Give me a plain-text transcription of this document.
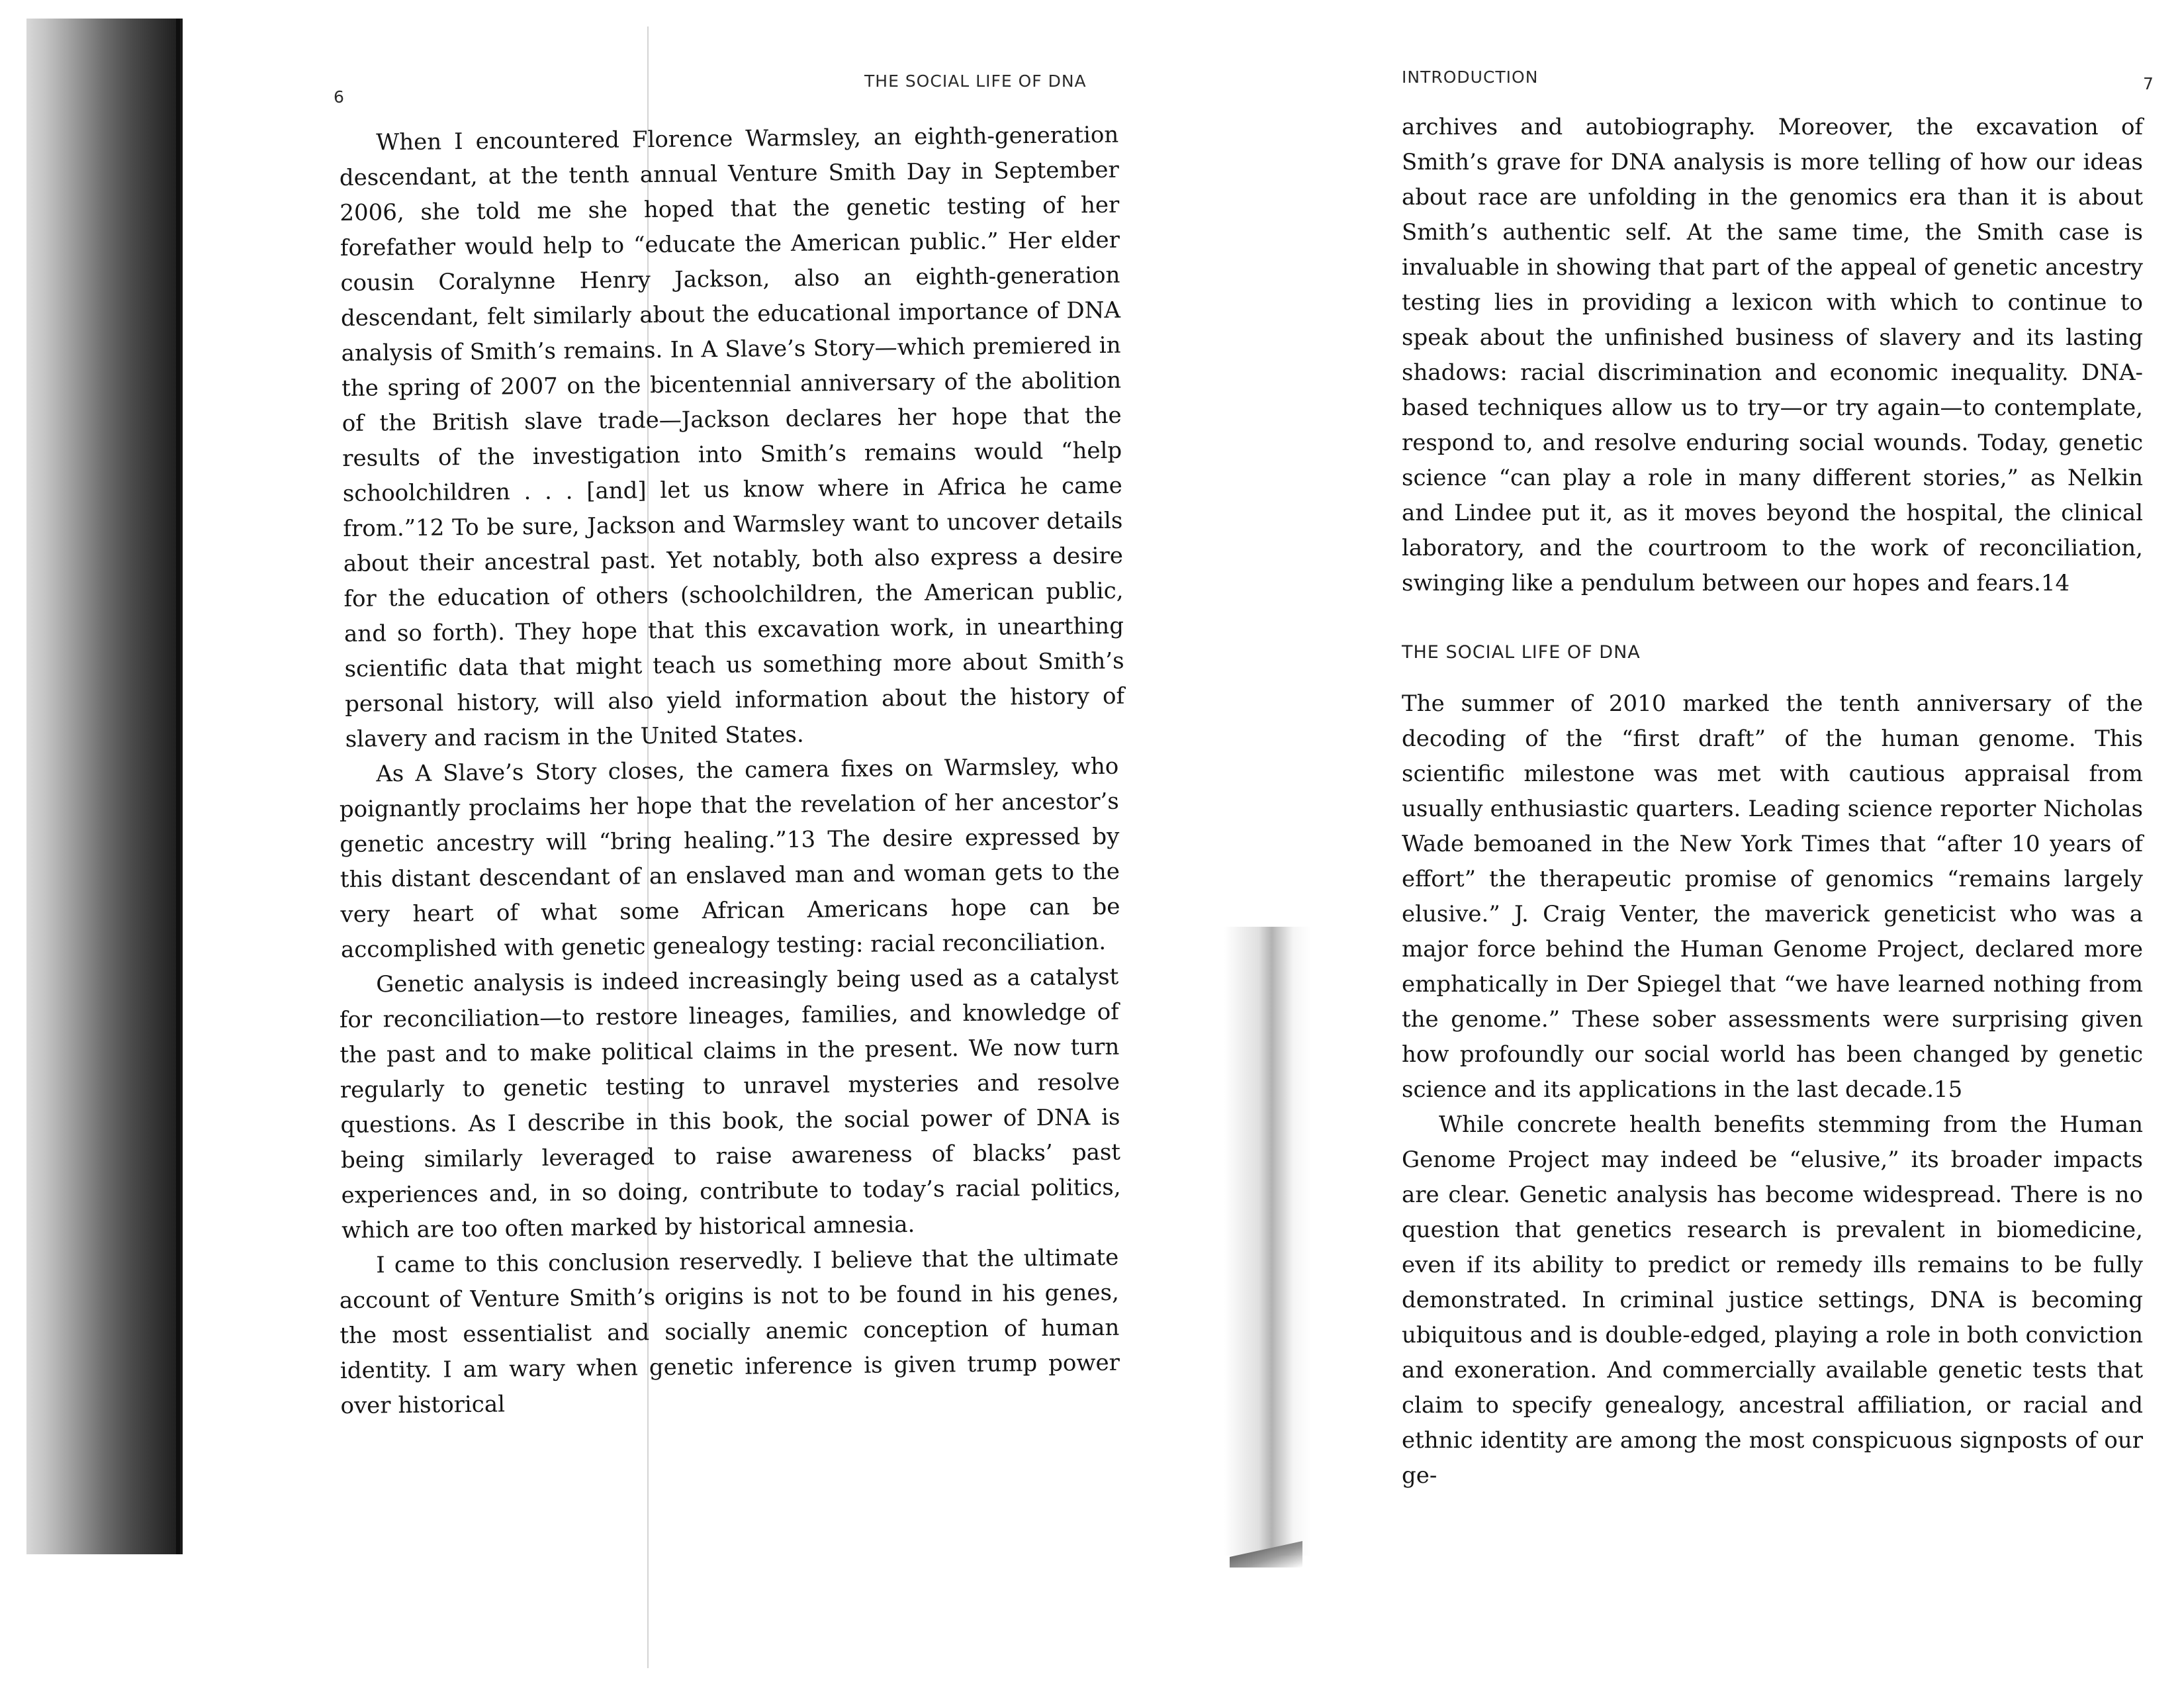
6
THE SOCIAL LIFE OF DNA

When I encountered Florence Warmsley, an eighth-generation descendant, at the tenth annual Venture Smith Day in September 2006, she told me she hoped that the genetic testing of her forefather would help to “educate the American public.” Her elder cousin Coralynne Henry Jackson, also an eighth-generation descendant, felt similarly about the educational importance of DNA analysis of Smith’s remains. In A Slave’s Story—which premiered in the spring of 2007 on the bicentennial anniversary of the abolition of the British slave trade—Jackson declares her hope that the results of the investigation into Smith’s remains would “help schoolchildren . . . [and] let us know where in Africa he came from.”12 To be sure, Jackson and Warmsley want to uncover details about their ancestral past. Yet notably, both also express a desire for the education of others (schoolchildren, the American public, and so forth). They hope that this excavation work, in unearthing scientific data that might teach us something more about Smith’s personal history, will also yield information about the history of slavery and racism in the United States.

As A Slave’s Story closes, the camera fixes on Warmsley, who poignantly proclaims her hope that the revelation of her ancestor’s genetic ancestry will “bring healing.”13 The desire expressed by this distant descendant of an enslaved man and woman gets to the very heart of what some African Americans hope can be accomplished with genetic genealogy testing: racial reconciliation.

Genetic analysis is indeed increasingly being used as a catalyst for reconciliation—to restore lineages, families, and knowledge of the past and to make political claims in the present. We now turn regularly to genetic testing to unravel mysteries and resolve questions. As I describe in this book, the social power of DNA is being similarly leveraged to raise awareness of blacks’ past experiences and, in so doing, contribute to today’s racial politics, which are too often marked by historical amnesia.

I came to this conclusion reservedly. I believe that the ultimate account of Venture Smith’s origins is not to be found in his genes, the most essentialist and socially anemic conception of human identity. I am wary when genetic inference is given trump power over historical

INTRODUCTION	7

archives and autobiography. Moreover, the excavation of Smith’s grave for DNA analysis is more telling of how our ideas about race are unfolding in the genomics era than it is about Smith’s authentic self. At the same time, the Smith case is invaluable in showing that part of the appeal of genetic ancestry testing lies in providing a lexicon with which to continue to speak about the unfinished business of slavery and its lasting shadows: racial discrimination and economic inequality. DNA-based techniques allow us to try—or try again—to contemplate, respond to, and resolve enduring social wounds. Today, genetic science “can play a role in many different stories,” as Nelkin and Lindee put it, as it moves beyond the hospital, the clinical laboratory, and the courtroom to the work of reconciliation, swinging like a pendulum between our hopes and fears.14

THE SOCIAL LIFE OF DNA

The summer of 2010 marked the tenth anniversary of the decoding of the “first draft” of the human genome. This scientific milestone was met with cautious appraisal from usually enthusiastic quarters. Leading science reporter Nicholas Wade bemoaned in the New York Times that “after 10 years of effort” the therapeutic promise of genomics “remains largely elusive.” J. Craig Venter, the maverick geneticist who was a major force behind the Human Genome Project, declared more emphatically in Der Spiegel that “we have learned nothing from the genome.” These sober assessments were surprising given how profoundly our social world has been changed by genetic science and its applications in the last decade.15

While concrete health benefits stemming from the Human Genome Project may indeed be “elusive,” its broader impacts are clear. Genetic analysis has become widespread. There is no question that genetics research is prevalent in biomedicine, even if its ability to predict or remedy ills remains to be fully demonstrated. In criminal justice settings, DNA is becoming ubiquitous and is double-edged, playing a role in both conviction and exoneration. And commercially available genetic tests that claim to specify genealogy, ancestral affiliation, or racial and ethnic identity are among the most conspicuous signposts of our ge-
